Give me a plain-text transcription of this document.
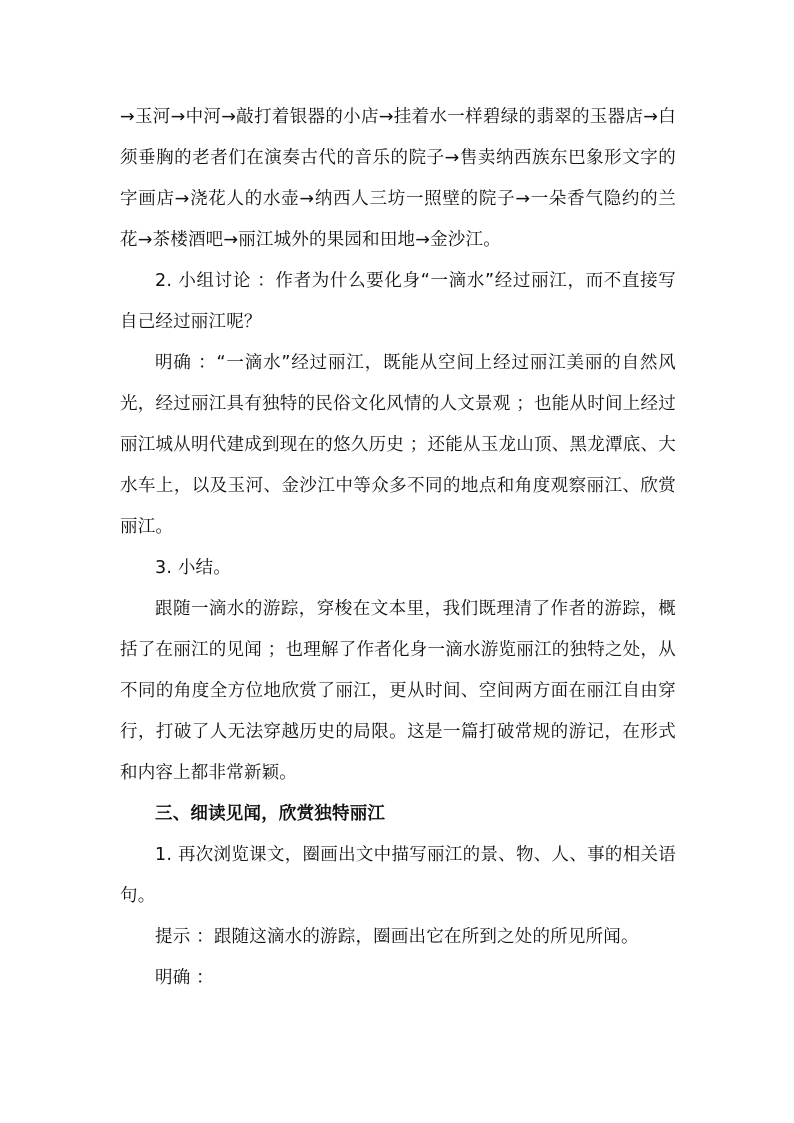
→玉河→中河→敲打着银器的小店→挂着水一样碧绿的翡翠的玉器店→白须垂胸的老者们在演奏古代的音乐的院子→售卖纳西族东巴象形文字的字画店→浇花人的水壶→纳西人三坊一照壁的院子→一朵香气隐约的兰花→茶楼酒吧→丽江城外的果园和田地→金沙江。

2. 小组讨论 ：作者为什么要化身“一滴水”经过丽江，而不直接写自己经过丽江呢？

明确 ：“一滴水”经过丽江，既能从空间上经过丽江美丽的自然风光，经过丽江具有独特的民俗文化风情的人文景观 ；也能从时间上经过丽江城从明代建成到现在的悠久历史 ；还能从玉龙山顶、黑龙潭底、大水车上，以及玉河、金沙江中等众多不同的地点和角度观察丽江、欣赏丽江。

3. 小结。

跟随一滴水的游踪，穿梭在文本里，我们既理清了作者的游踪，概括了在丽江的见闻 ；也理解了作者化身一滴水游览丽江的独特之处，从不同的角度全方位地欣赏了丽江，更从时间、空间两方面在丽江自由穿行，打破了人无法穿越历史的局限。这是一篇打破常规的游记，在形式和内容上都非常新颖。

三、细读见闻，欣赏独特丽江

1. 再次浏览课文，圈画出文中描写丽江的景、物、人、事的相关语句。

提示 ：跟随这滴水的游踪，圈画出它在所到之处的所见所闻。

明确 ：
